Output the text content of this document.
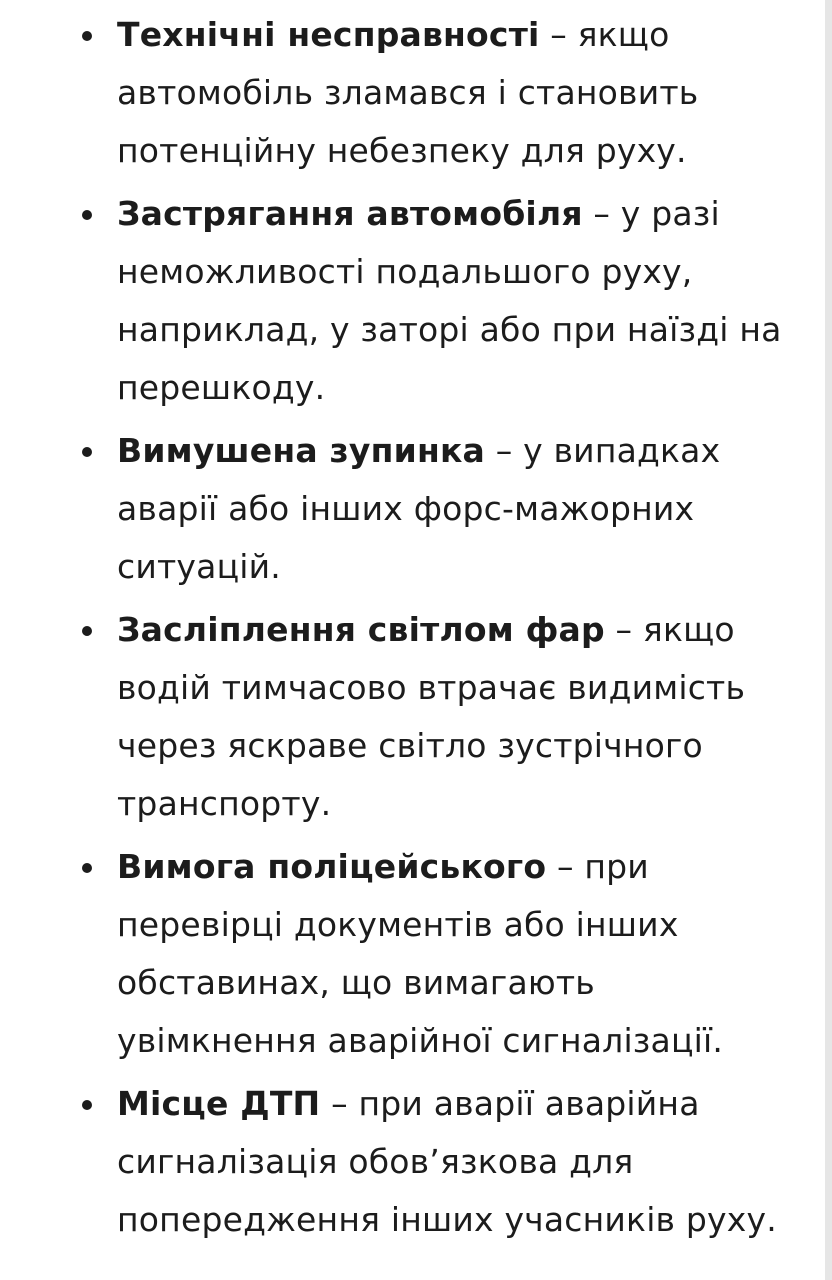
Технічні несправності – якщо автомобіль зламався і становить потенційну небезпеку для руху.
Застрягання автомобіля – у разі неможливості подальшого руху, наприклад, у заторі або при наїзді на перешкоду.
Вимушена зупинка – у випадках аварії або інших форс-мажорних ситуацій.
Засліплення світлом фар – якщо водій тимчасово втрачає видимість через яскраве світло зустрічного транспорту.
Вимога поліцейського – при перевірці документів або інших обставинах, що вимагають увімкнення аварійної сигналізації.
Місце ДТП – при аварії аварійна сигналізація обов’язкова для попередження інших учасників руху.
